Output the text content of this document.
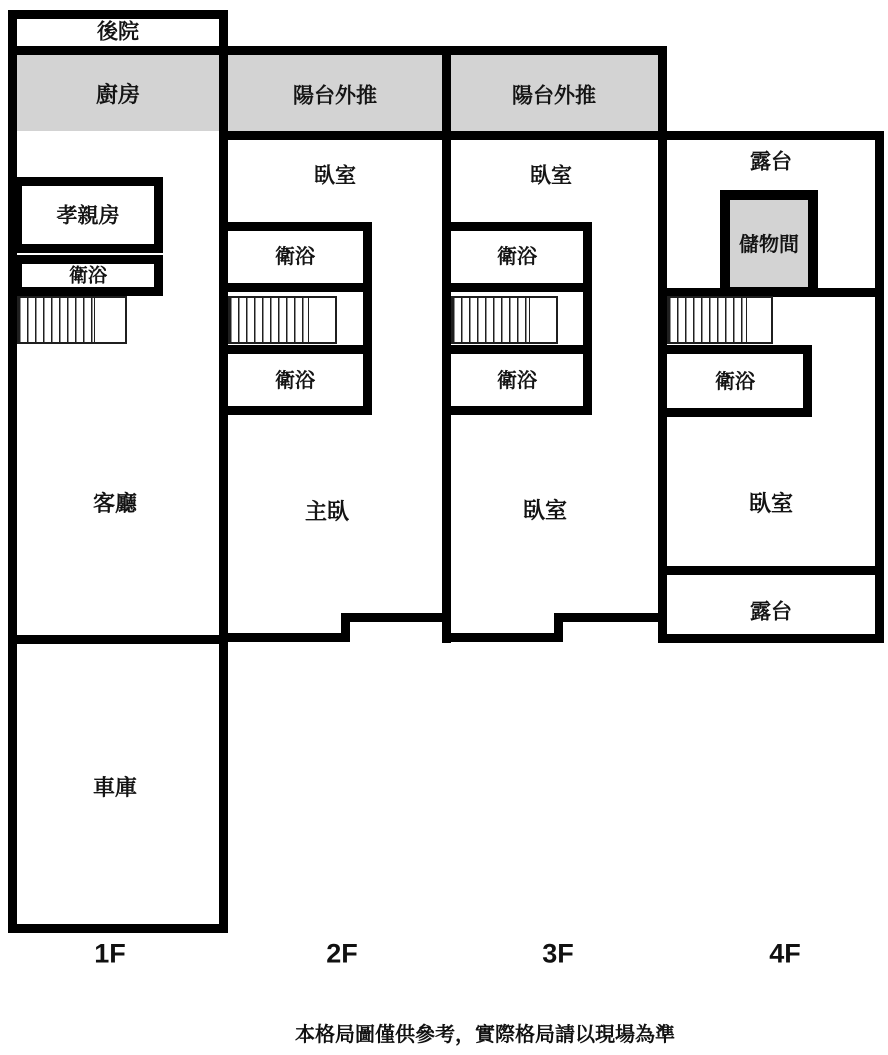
後院
廚房	陽台外推	陽台外推
露台
臥室	臥室
孝親房
衛浴
衛浴	衛浴
儲物間
衛浴	衛浴	衛浴
客廳	主臥	臥室	臥室
露台
車庫
1F	2F	3F	4F
本格局圖僅供參考，實際格局請以現場為準
